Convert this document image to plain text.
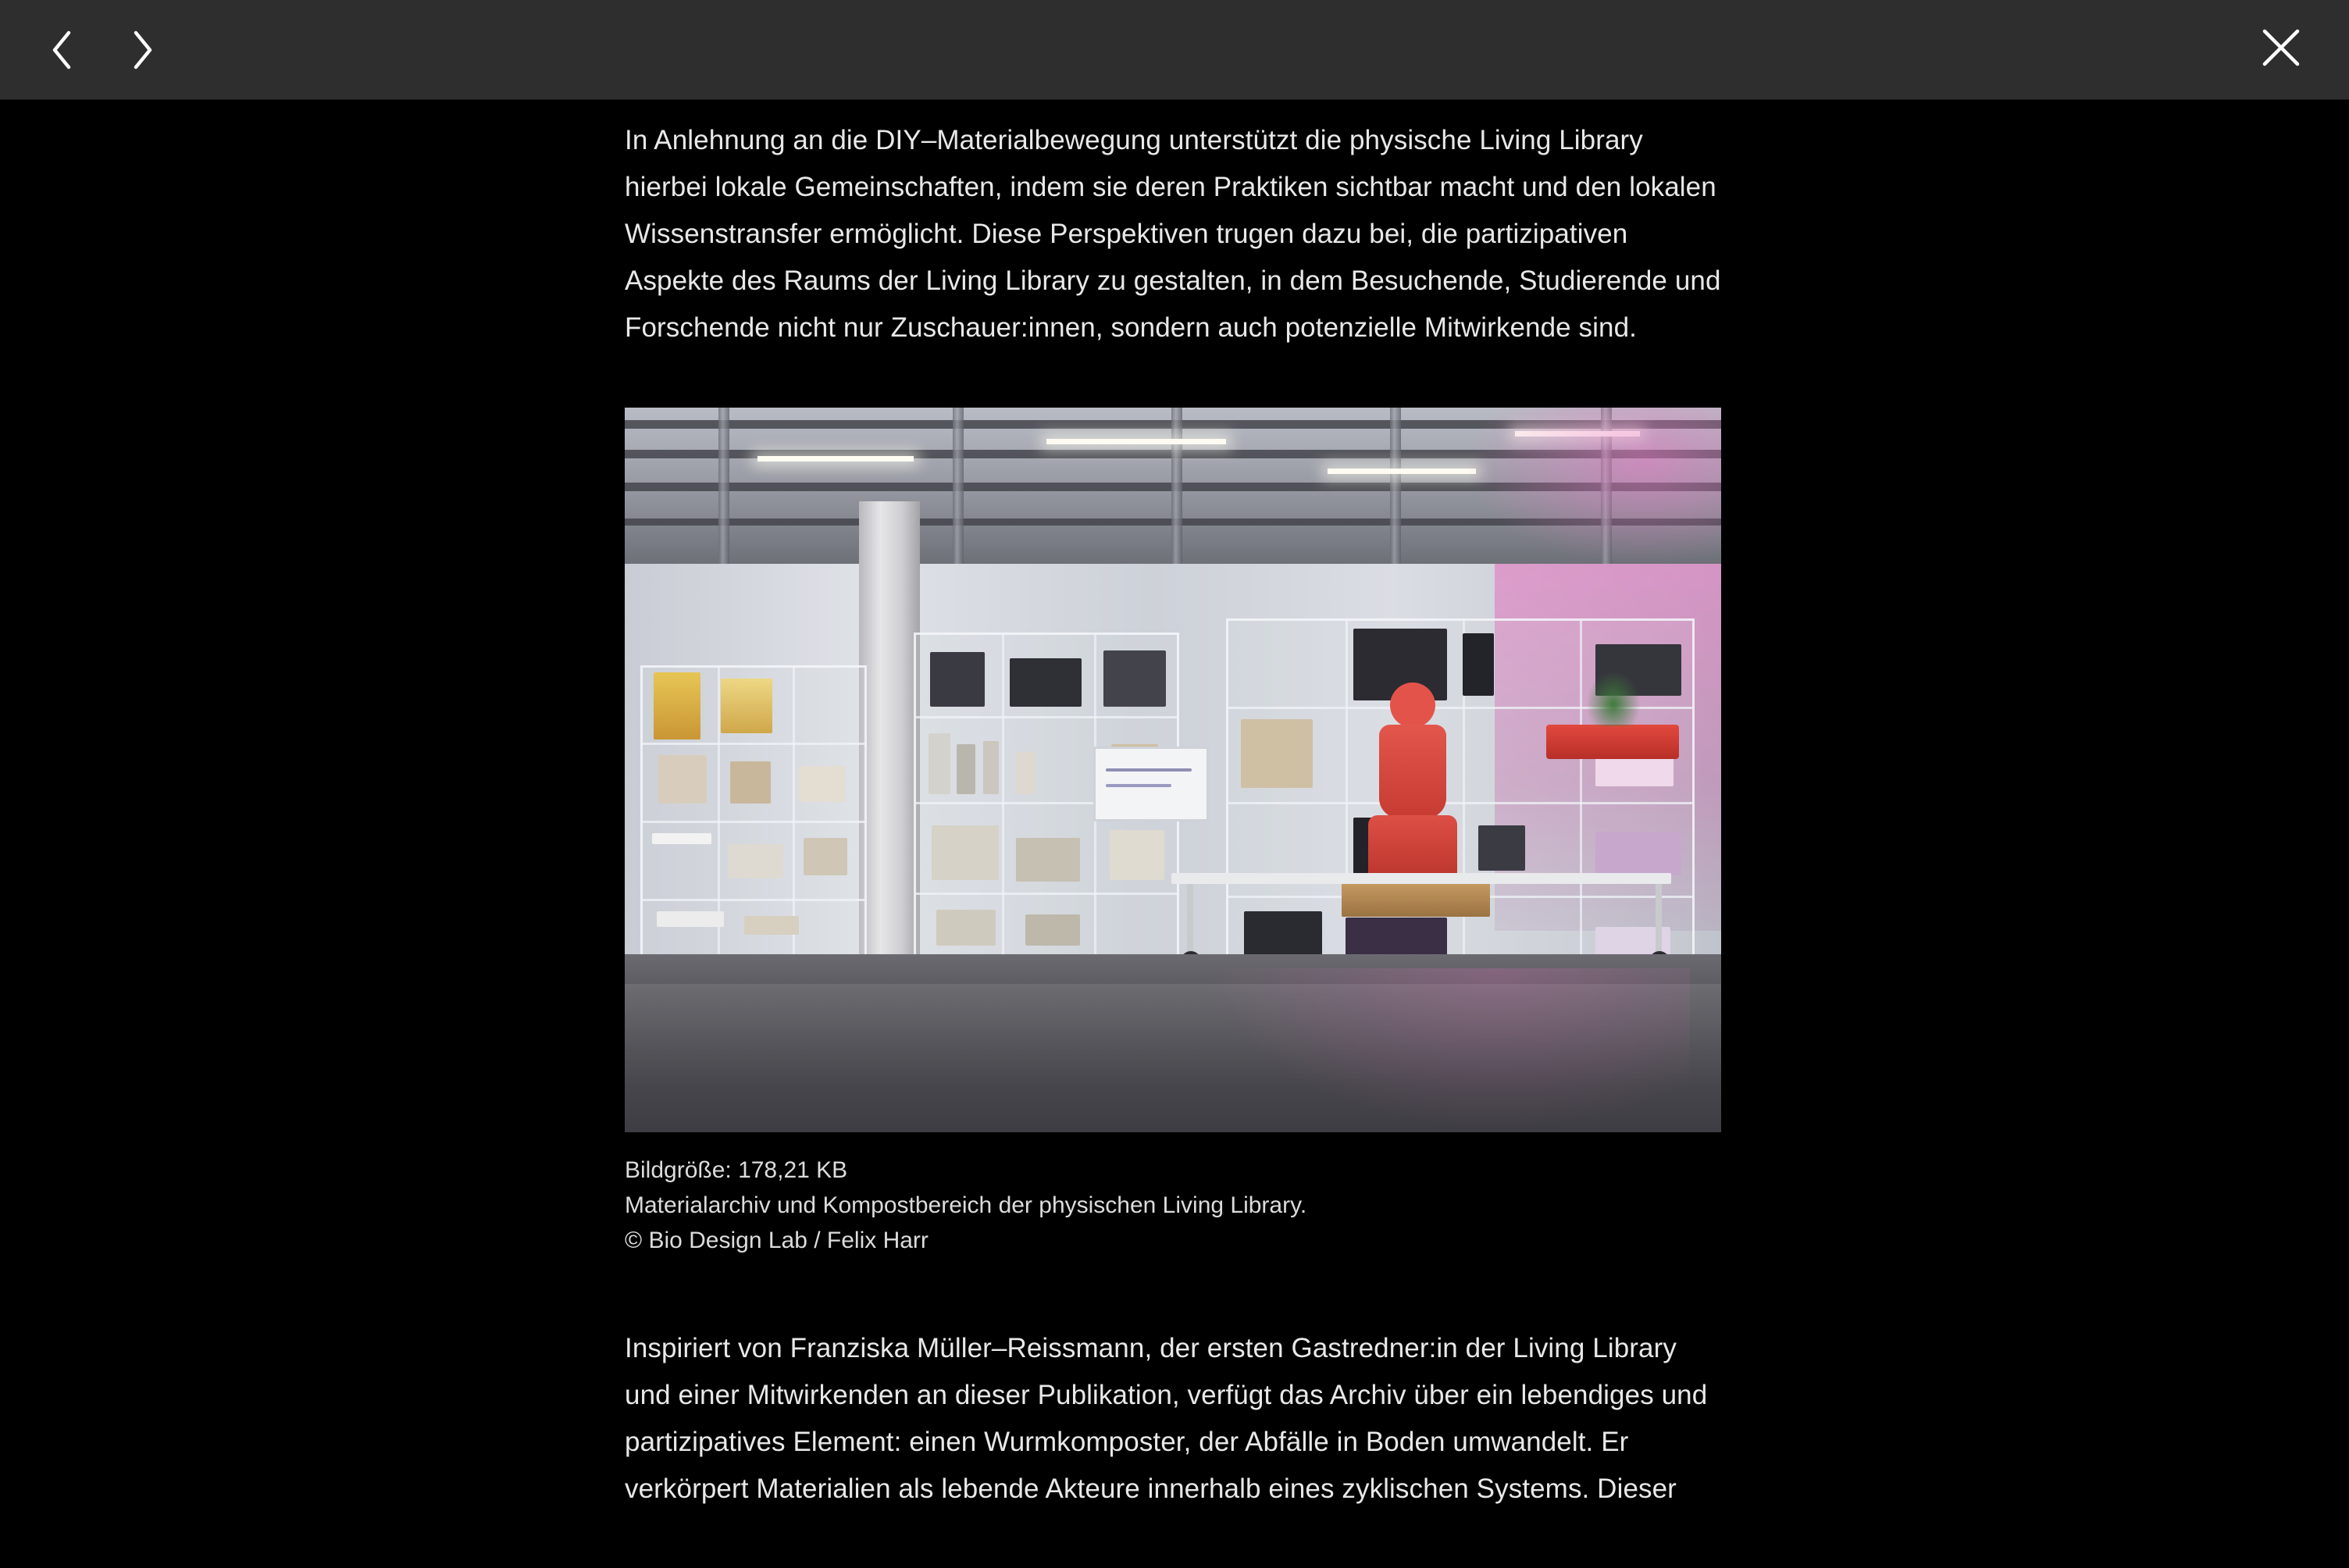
In Anlehnung an die DIY–Materialbewegung unterstützt die physische Living Library hierbei lokale Gemeinschaften, indem sie deren Praktiken sichtbar macht und den lokalen Wissenstransfer ermöglicht. Diese Perspektiven trugen dazu bei, die partizipativen Aspekte des Raums der Living Library zu gestalten, in dem Besuchende, Studierende und Forschende nicht nur Zuschauer:innen, sondern auch potenzielle Mitwirkende sind.

Bildgröße: 178,21 KB
Materialarchiv und Kompostbereich der physischen Living Library.
© Bio Design Lab / Felix Harr

Inspiriert von Franziska Müller–Reissmann, der ersten Gastredner:in der Living Library und einer Mitwirkenden an dieser Publikation, verfügt das Archiv über ein lebendiges und partizipatives Element: einen Wurmkomposter, der Abfälle in Boden umwandelt. Er verkörpert Materialien als lebende Akteure innerhalb eines zyklischen Systems. Dieser
